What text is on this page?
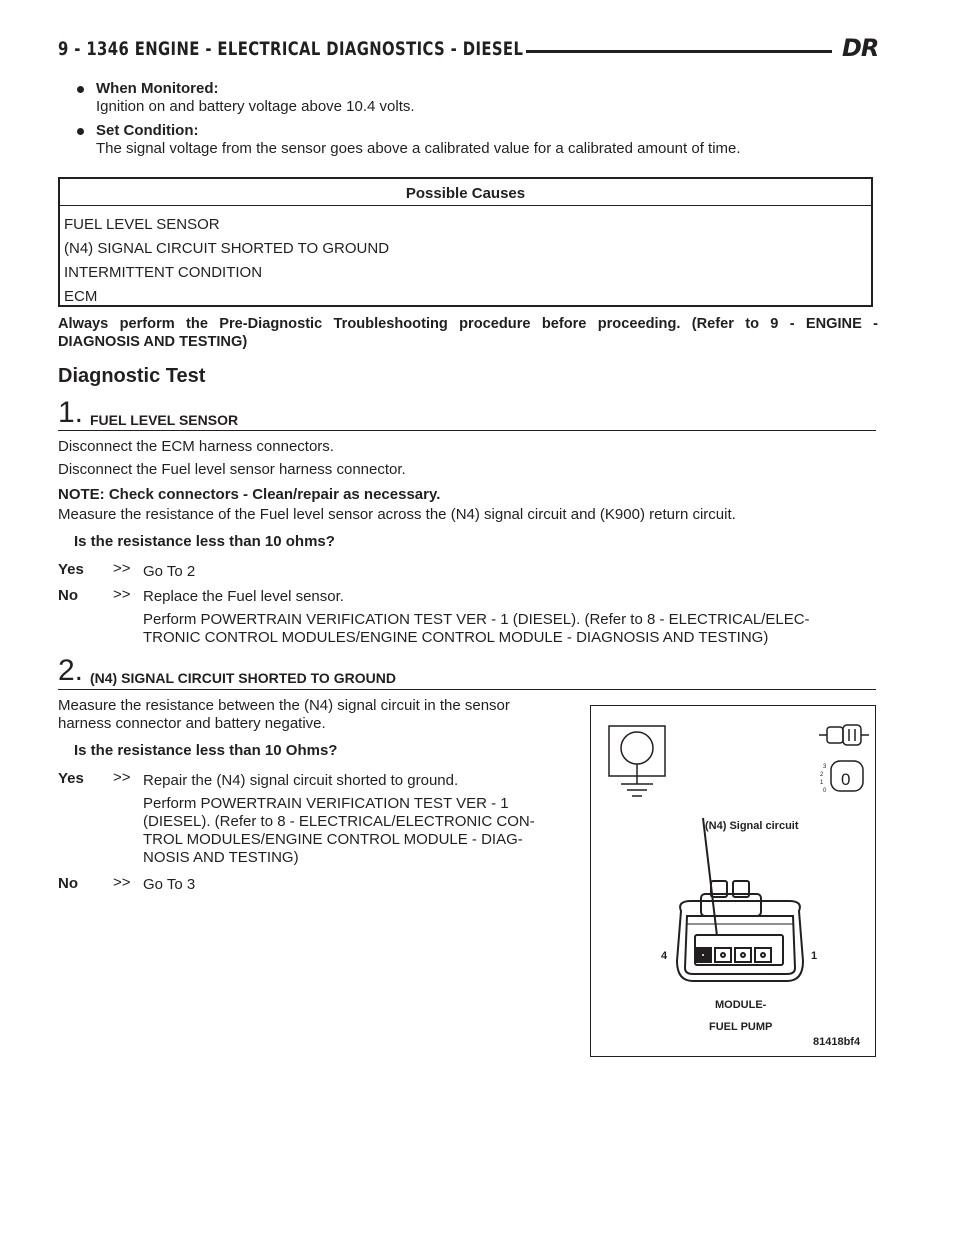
9 - 1346 ENGINE - ELECTRICAL DIAGNOSTICS - DIESEL	DR
When Monitored:
Ignition on and battery voltage above 10.4 volts.
Set Condition:
The signal voltage from the sensor goes above a calibrated value for a calibrated amount of time.
Possible Causes
FUEL LEVEL SENSOR
(N4) SIGNAL CIRCUIT SHORTED TO GROUND
INTERMITTENT CONDITION
ECM
Always perform the Pre-Diagnostic Troubleshooting procedure before proceeding. (Refer to 9 - ENGINE -
DIAGNOSIS AND TESTING)
Diagnostic Test
1. FUEL LEVEL SENSOR
Disconnect the ECM harness connectors.
Disconnect the Fuel level sensor harness connector.
NOTE: Check connectors - Clean/repair as necessary.
Measure the resistance of the Fuel level sensor across the (N4) signal circuit and (K900) return circuit.
Is the resistance less than 10 ohms?
Yes >> Go To 2
No >> Replace the Fuel level sensor.
Perform POWERTRAIN VERIFICATION TEST VER - 1 (DIESEL). (Refer to 8 - ELECTRICAL/ELEC-
TRONIC CONTROL MODULES/ENGINE CONTROL MODULE - DIAGNOSIS AND TESTING)
2. (N4) SIGNAL CIRCUIT SHORTED TO GROUND
Measure the resistance between the (N4) signal circuit in the sensor
harness connector and battery negative.
Is the resistance less than 10 Ohms?
Yes >> Repair the (N4) signal circuit shorted to ground.
Perform POWERTRAIN VERIFICATION TEST VER - 1
(DIESEL). (Refer to 8 - ELECTRICAL/ELECTRONIC CON-
TROL MODULES/ENGINE CONTROL MODULE - DIAG-
NOSIS AND TESTING)
No >> Go To 3
3
2
1
0
0
(N4) Signal circuit
4	1
MODULE-
FUEL PUMP
81418bf4
